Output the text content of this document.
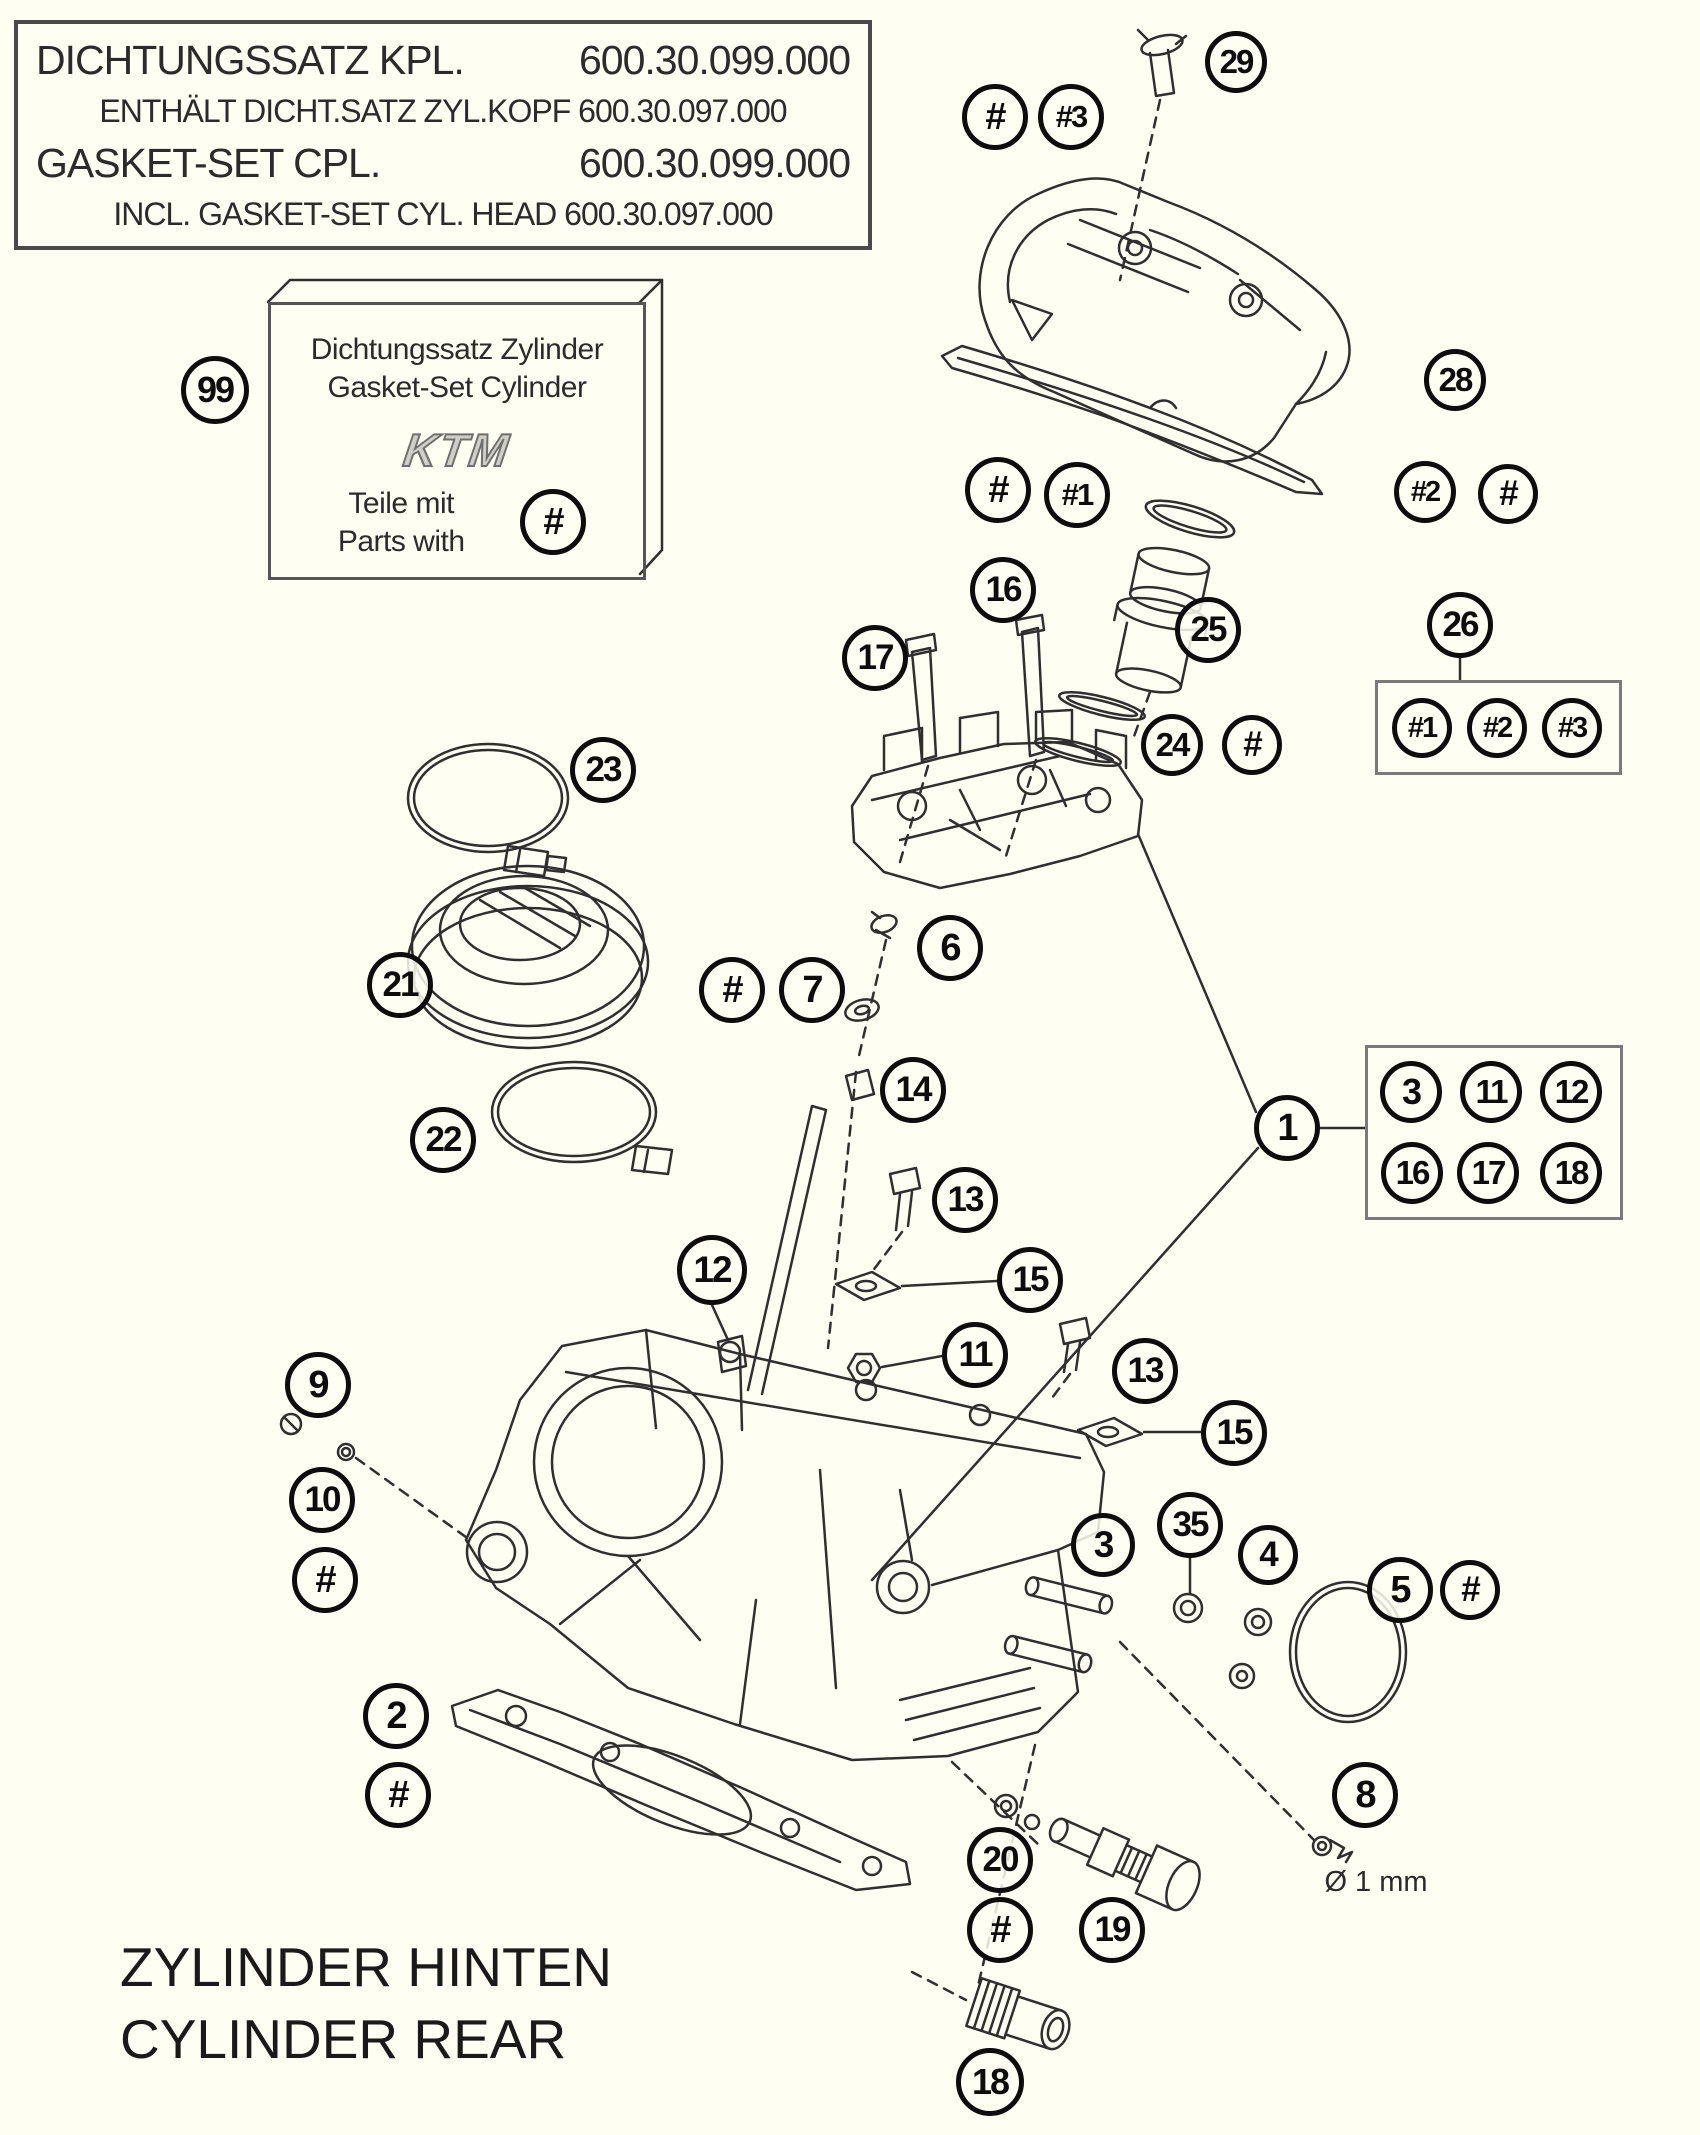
DICHTUNGSSATZ KPL.	600.30.099.000
ENTHÄLT DICHT.SATZ ZYL.KOPF 600.30.097.000
GASKET-SET CPL.	600.30.099.000
INCL. GASKET-SET CYL. HEAD 600.30.097.000
Dichtungssatz Zylinder
Gasket-Set Cylinder
KTM
Teile mit
Parts with
ZYLINDER HINTEN
CYLINDER REAR
Ø 1 mm
99
#
#	#3
29
28
#2	#
#	#1
16
25	26
17
24	#	#1	#2	#3
23
21
22
#	7
6
14
12
13
15
11	13
15
1
3	11	12
16	17	18
9
10
#
3	35
4
5	#
2
#	8
20
#	19
18
